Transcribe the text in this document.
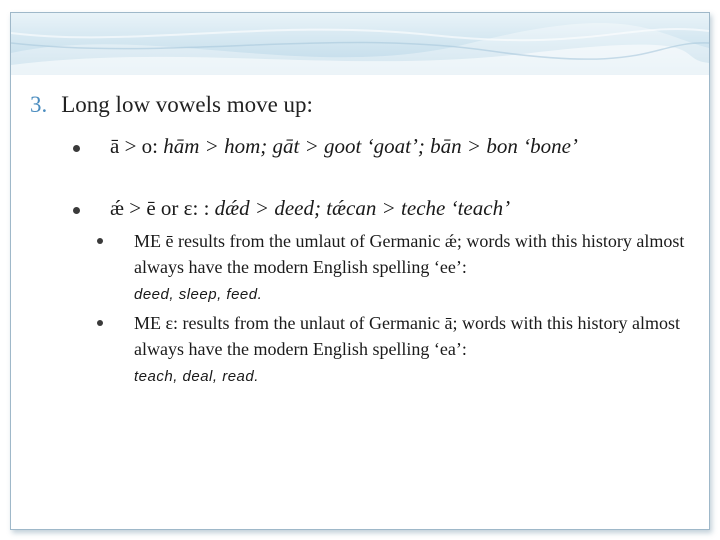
3. Long low vowels move up:
ā > o: hām > hom; gāt > goot ‘goat’; bān > bon ‘bone’
ǽ > ē or ɛ: : dǽd > deed; tǽcan > teche ‘teach’
ME ē results from the umlaut of Germanic ǽ; words with this history almost always have the modern English spelling ‘ee’:
deed, sleep, feed.
ME ɛ: results from the unlaut of Germanic ā; words with this history almost always have the modern English spelling ‘ea’:
teach, deal, read.
